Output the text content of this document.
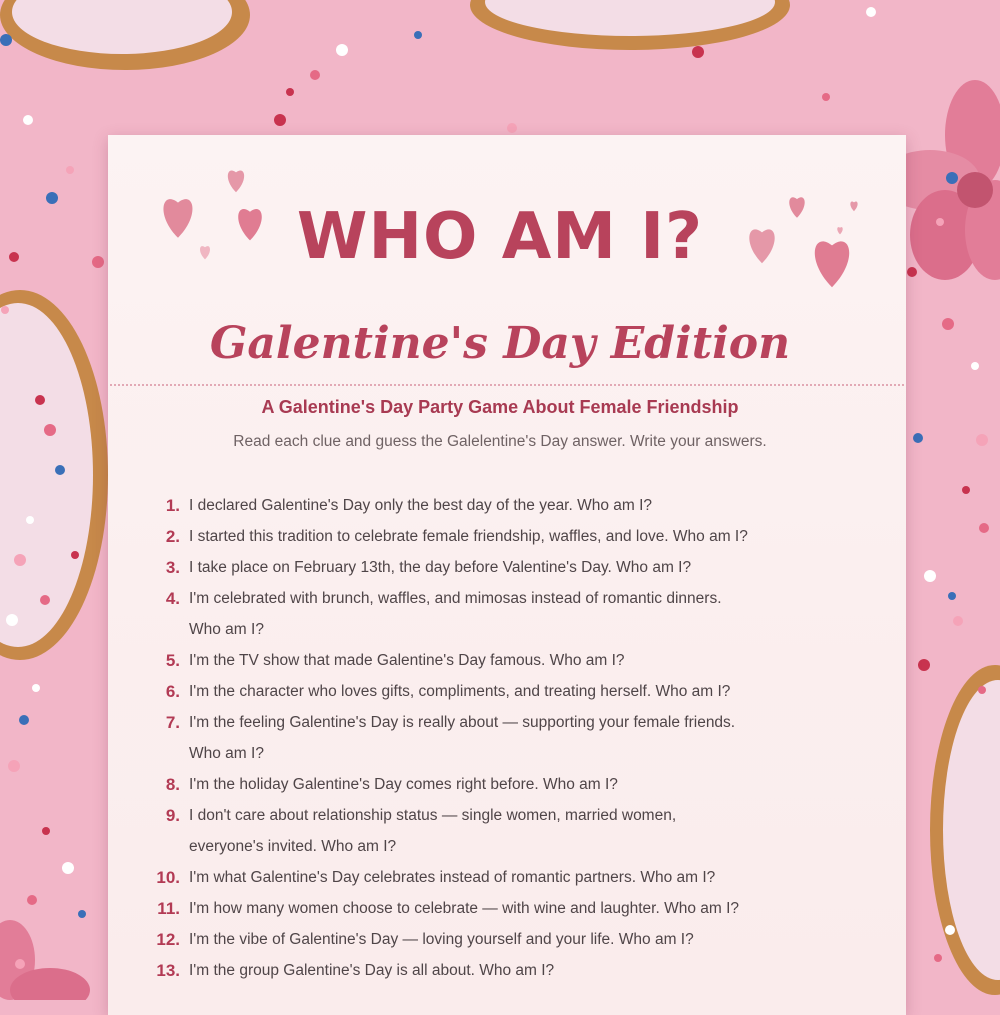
WHO AM I?
Galentine's Day Edition
A Galentine's Day Party Game About Female Friendship
Read each clue and guess the Galelentine's Day answer. Write your answers.
1. I declared Galentine's Day only the best day of the year. Who am I?
2. I started this tradition to celebrate female friendship, waffles, and love. Who am I?
3. I take place on February 13th, the day before Valentine's Day. Who am I?
4. I'm celebrated with brunch, waffles, and mimosas instead of romantic dinners.
Who am I?
5. I'm the TV show that made Galentine's Day famous. Who am I?
6. I'm the character who loves gifts, compliments, and treating herself. Who am I?
7. I'm the feeling Galentine's Day is really about — supporting your female friends.
Who am I?
8. I'm the holiday Galentine's Day comes right before. Who am I?
9. I don't care about relationship status — single women, married women,
everyone's invited. Who am I?
10. I'm what Galentine's Day celebrates instead of romantic partners. Who am I?
11. I'm how many women choose to celebrate — with wine and laughter. Who am I?
12. I'm the vibe of Galentine's Day — loving yourself and your life. Who am I?
13. I'm the group Galentine's Day is all about. Who am I?
